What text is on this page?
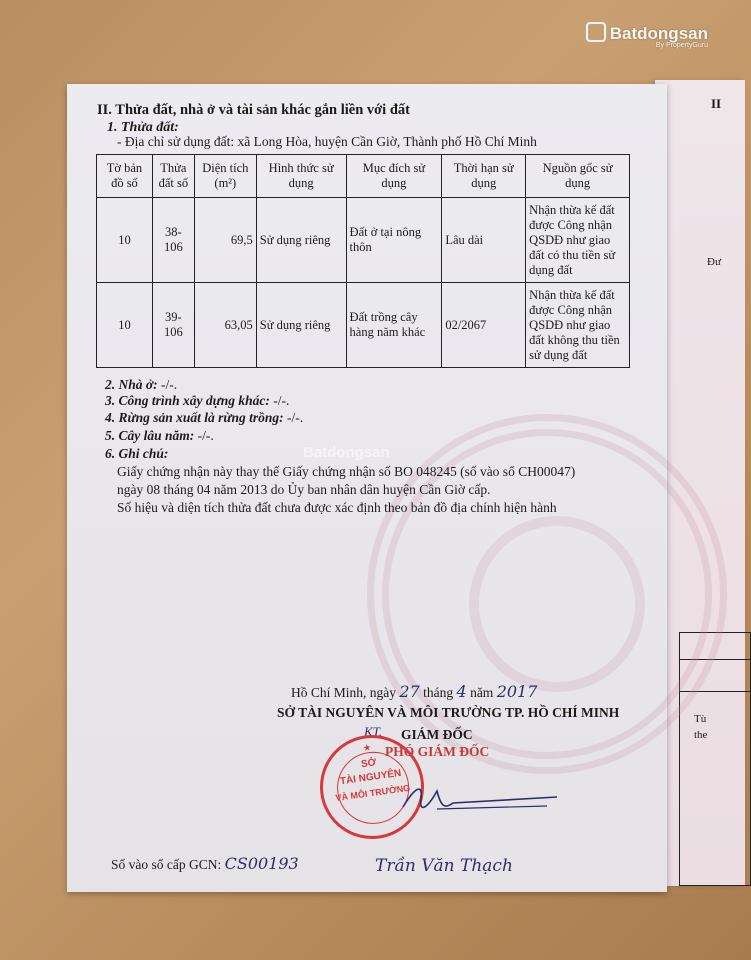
Batdongsan
By PropertyGuru
II
Đư
Tù
the
II. Thửa đất, nhà ở và tài sản khác gắn liền với đất
1. Thửa đất:
- Địa chỉ sử dụng đất: xã Long Hòa, huyện Cần Giờ, Thành phố Hồ Chí Minh
Tờ bản đồ số	Thửa đất số	Diện tích (m²)	Hình thức sử dụng	Mục đích sử dụng	Thời hạn sử dụng	Nguồn gốc sử dụng
10	38-106	69,5	Sử dụng riêng	Đất ở tại nông thôn	Lâu dài	Nhận thừa kế đất được Công nhận QSDĐ như giao đất có thu tiền sử dụng đất
10	39-106	63,05	Sử dụng riêng	Đất trồng cây hàng năm khác	02/2067	Nhận thừa kế đất được Công nhận QSDĐ như giao đất không thu tiền sử dụng đất
2. Nhà ở: -/-.
3. Công trình xây dựng khác: -/-.
4. Rừng sản xuất là rừng trồng: -/-.
5. Cây lâu năm: -/-.
6. Ghi chú:
Giấy chứng nhận này thay thế Giấy chứng nhận số BO 048245 (số vào sổ CH00047)
ngày 08 tháng 04 năm 2013 do Ủy ban nhân dân huyện Cần Giờ cấp.
Số hiệu và diện tích thửa đất chưa được xác định theo bản đồ địa chính hiện hành
Batdongsan
Hồ Chí Minh, ngày 27 tháng 4 năm 2017
SỞ TÀI NGUYÊN VÀ MÔI TRƯỜNG TP. HỒ CHÍ MINH
KT. GIÁM ĐỐC
PHÓ GIÁM ĐỐC
★
SỞ
TÀI NGUYÊN
VÀ MÔI TRƯỜNG
Trần Văn Thạch
Số vào sổ cấp GCN: CS00193
